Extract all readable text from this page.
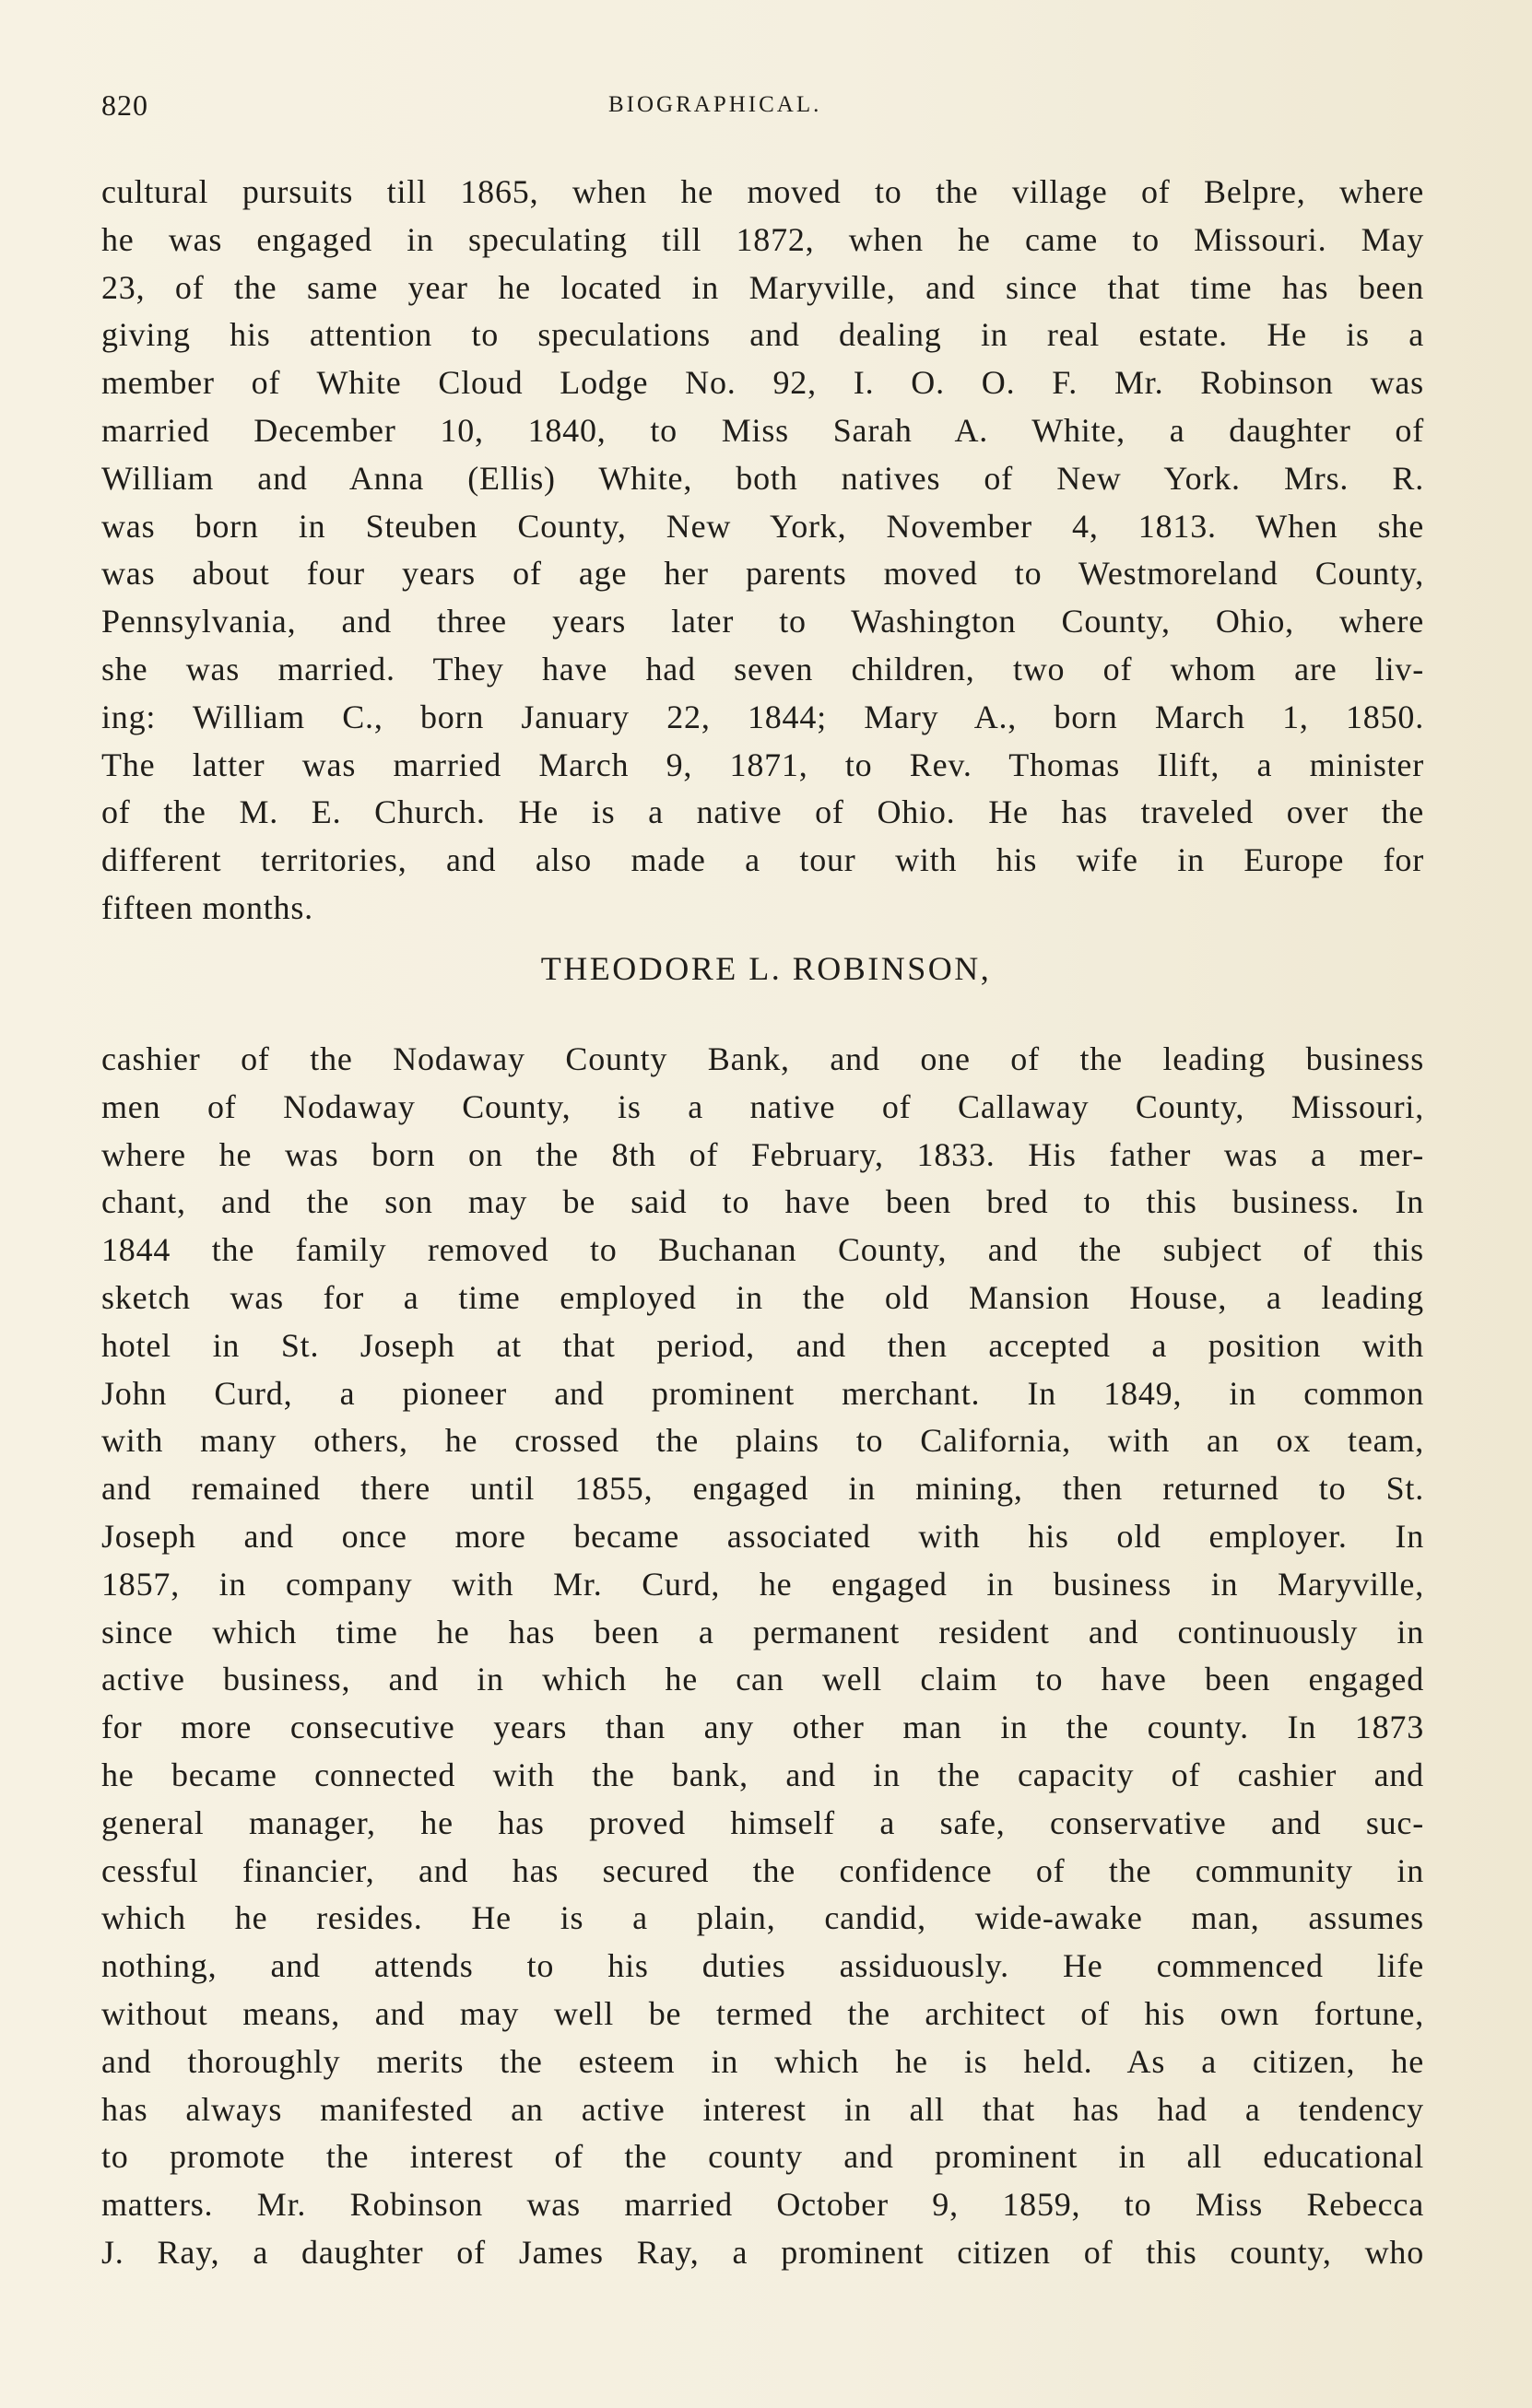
820	BIOGRAPHICAL.
cultural pursuits till 1865, when he moved to the village of Belpre, where
he was engaged in speculating till 1872, when he came to Missouri. May
23, of the same year he located in Maryville, and since that time has been
giving his attention to speculations and dealing in real estate. He is a
member of White Cloud Lodge No. 92, I. O. O. F. Mr. Robinson was
married December 10, 1840, to Miss Sarah A. White, a daughter of
William and Anna (Ellis) White, both natives of New York. Mrs. R.
was born in Steuben County, New York, November 4, 1813. When she
was about four years of age her parents moved to Westmoreland County,
Pennsylvania, and three years later to Washington County, Ohio, where
she was married. They have had seven children, two of whom are liv-
ing: William C., born January 22, 1844; Mary A., born March 1, 1850.
The latter was married March 9, 1871, to Rev. Thomas Ilift, a minister
of the M. E. Church. He is a native of Ohio. He has traveled over the
different territories, and also made a tour with his wife in Europe for
fifteen months.
THEODORE L. ROBINSON,
cashier of the Nodaway County Bank, and one of the leading business
men of Nodaway County, is a native of Callaway County, Missouri,
where he was born on the 8th of February, 1833. His father was a mer-
chant, and the son may be said to have been bred to this business. In
1844 the family removed to Buchanan County, and the subject of this
sketch was for a time employed in the old Mansion House, a leading
hotel in St. Joseph at that period, and then accepted a position with
John Curd, a pioneer and prominent merchant. In 1849, in common
with many others, he crossed the plains to California, with an ox team,
and remained there until 1855, engaged in mining, then returned to St.
Joseph and once more became associated with his old employer. In
1857, in company with Mr. Curd, he engaged in business in Maryville,
since which time he has been a permanent resident and continuously in
active business, and in which he can well claim to have been engaged
for more consecutive years than any other man in the county. In 1873
he became connected with the bank, and in the capacity of cashier and
general manager, he has proved himself a safe, conservative and suc-
cessful financier, and has secured the confidence of the community in
which he resides. He is a plain, candid, wide-awake man, assumes
nothing, and attends to his duties assiduously. He commenced life
without means, and may well be termed the architect of his own fortune,
and thoroughly merits the esteem in which he is held. As a citizen, he
has always manifested an active interest in all that has had a tendency
to promote the interest of the county and prominent in all educational
matters. Mr. Robinson was married October 9, 1859, to Miss Rebecca
J. Ray, a daughter of James Ray, a prominent citizen of this county, who
